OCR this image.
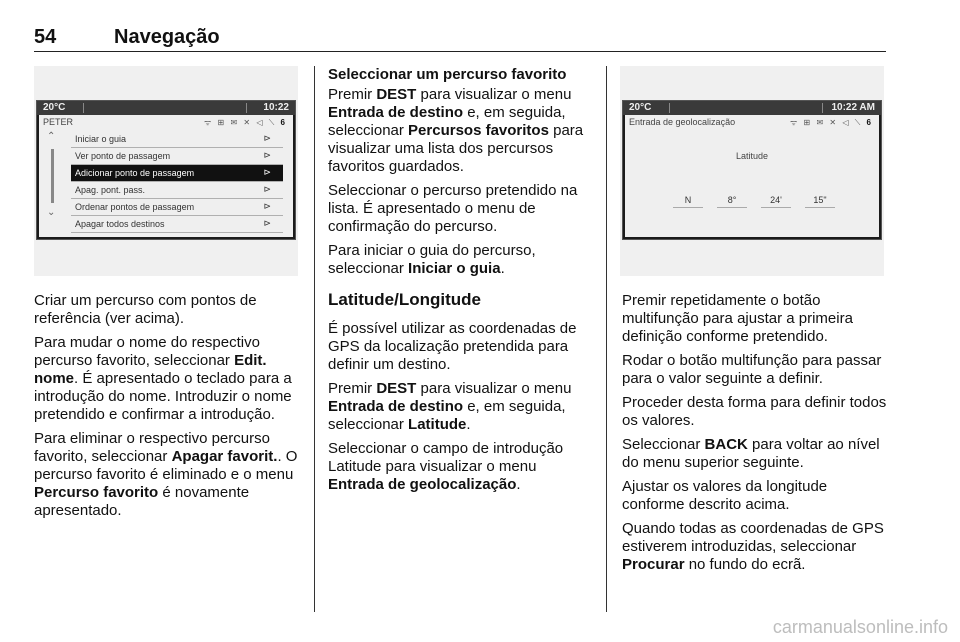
54	Navegação
20°C	10:22
PETER	ᯤ ⊞ ✉ ✕ ◁ ⟍ 6
⌃
⌄
Iniciar o guia	⊳
Ver ponto de passagem	⊳
Adicionar ponto de passagem	⊳
Apag. pont. pass.	⊳
Ordenar pontos de passagem	⊳
Apagar todos destinos	⊳
20°C	10:22 AM
Entrada de geolocalização	ᯤ ⊞ ✉ ✕ ◁ ⟍ 6
Latitude
N	8°	24'	15"

Criar um percurso com pontos de referência (ver acima).

Para mudar o nome do respectivo percurso favorito, seleccionar Edit. nome. É apresentado o teclado para a introdução do nome. Introduzir o nome pretendido e confirmar a introdução.

Para eliminar o respectivo percurso favorito, seleccionar Apagar favorit.. O percurso favorito é eliminado e o menu Percurso favorito é novamente apresentado.

Seleccionar um percurso favorito

Premir DEST para visualizar o menu Entrada de destino e, em seguida, seleccionar Percursos favoritos para visualizar uma lista dos percursos favoritos guardados.

Seleccionar o percurso pretendido na lista. É apresentado o menu de confirmação do percurso.

Para iniciar o guia do percurso, seleccionar Iniciar o guia.

Latitude/Longitude

É possível utilizar as coordenadas de GPS da localização pretendida para definir um destino.

Premir DEST para visualizar o menu Entrada de destino e, em seguida, seleccionar Latitude.

Seleccionar o campo de introdução Latitude para visualizar o menu Entrada de geolocalização.

Premir repetidamente o botão multifunção para ajustar a primeira definição conforme pretendido.

Rodar o botão multifunção para passar para o valor seguinte a definir.

Proceder desta forma para definir todos os valores.

Seleccionar BACK para voltar ao nível do menu superior seguinte.

Ajustar os valores da longitude conforme descrito acima.

Quando todas as coordenadas de GPS estiverem introduzidas, seleccionar Procurar no fundo do ecrã.

carmanualsonline.info
